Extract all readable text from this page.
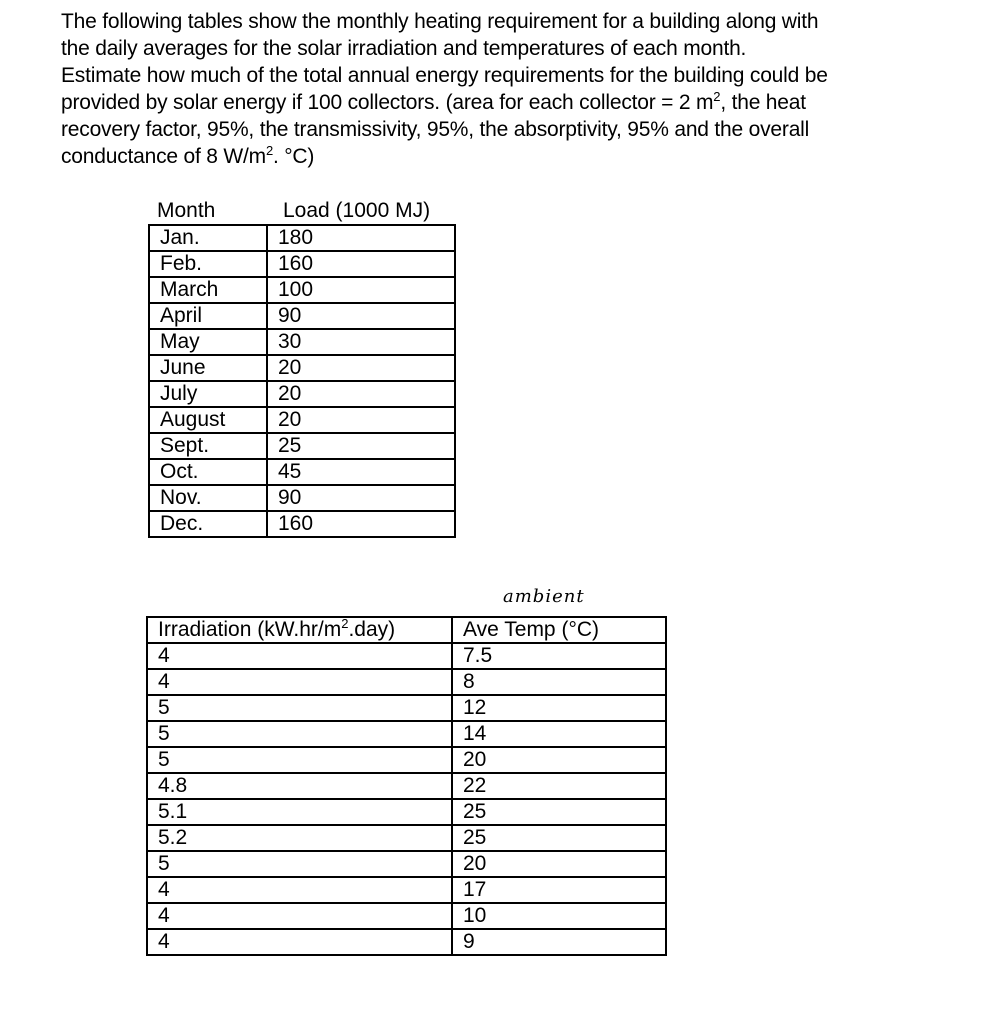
The following tables show the monthly heating requirement for a building along with

the daily averages for the solar irradiation and temperatures of each month.

Estimate how much of the total annual energy requirements for the building could be

provided by solar energy if 100 collectors. (area for each collector = 2 $m^2$, the heat

recovery factor, 95%, the transmissivity, 95%, the absorptivity, 95% and the overall

conductance of 8 $W/m^2$. °C)

Month	Load (1000 MJ)
Jan.	180
Feb.	160
March	100
April	90
May	30
June	20
July	20
August	20
Sept.	25
Oct.	45
Nov.	90
Dec.	160
ambient
Irradiation $(kW.hr/m^2.day)$	Ave Temp (°C)
4	7.5
4	8
5	12
5	14
5	20
4.8	22
5.1	25
5.2	25
5	20
4	17
4	10
4	9
